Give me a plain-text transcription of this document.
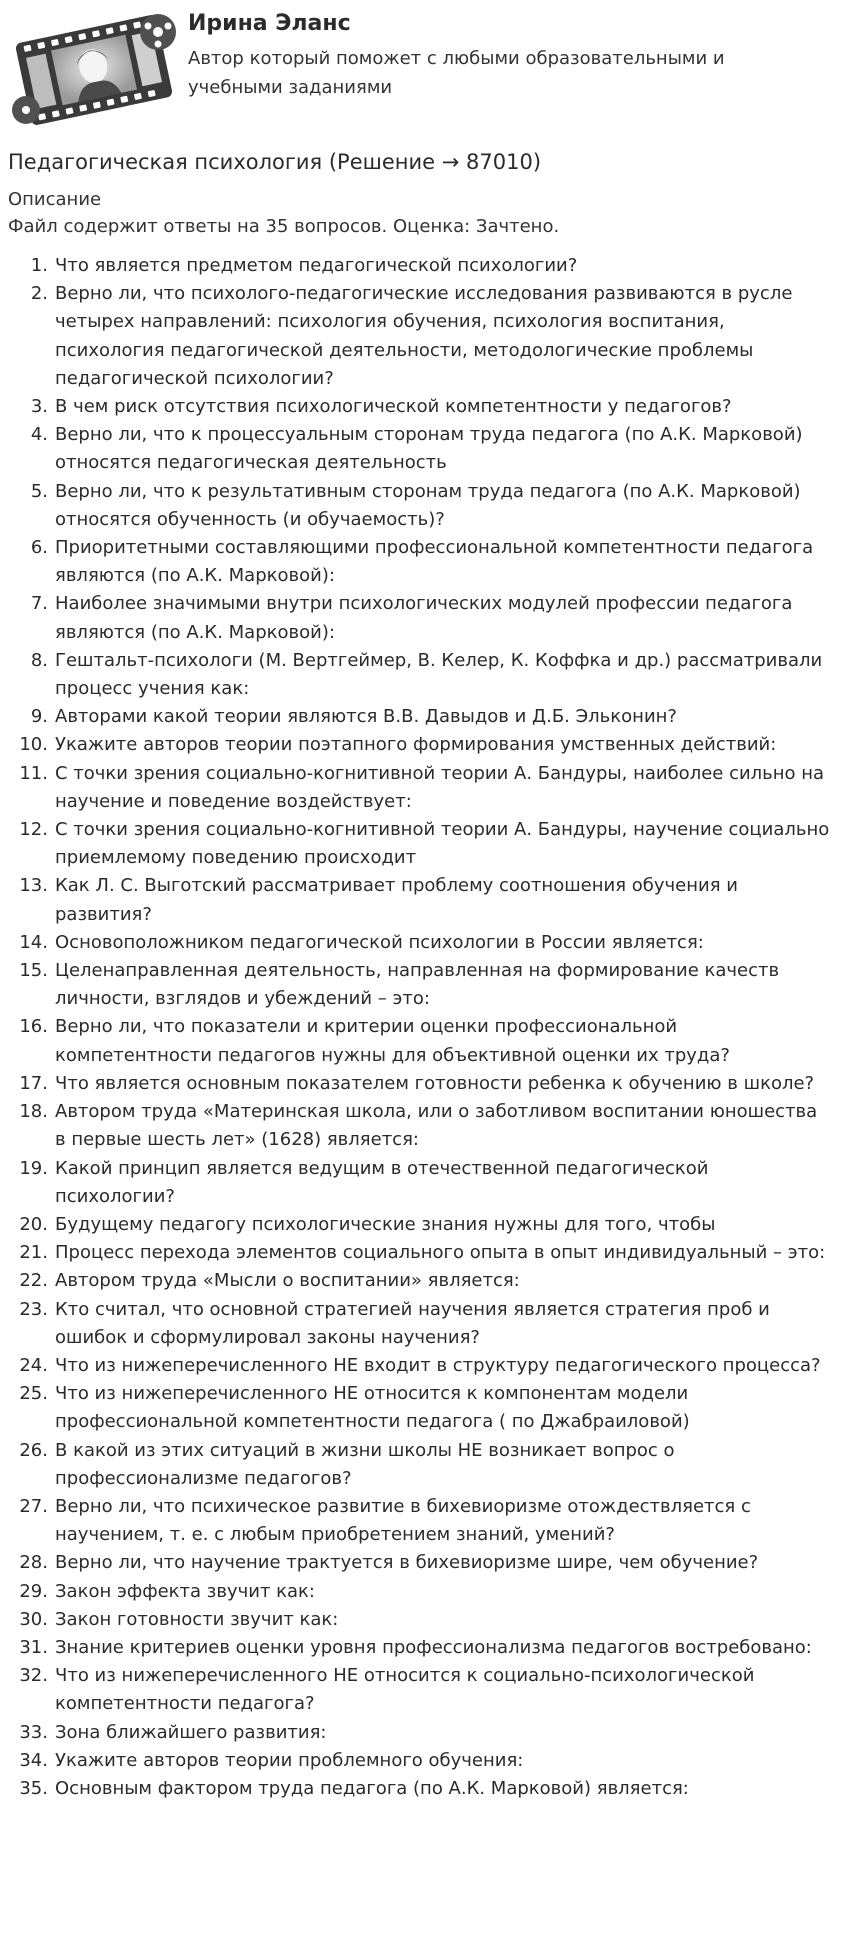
Ирина Эланс
Автор который поможет с любыми образовательными и учебными заданиями
Педагогическая психология (Решение → 87010)
Описание
Файл содержит ответы на 35 вопросов. Оценка: Зачтено.
1. Что является предметом педагогической психологии?
2. Верно ли, что психолого-педагогические исследования развиваются в русле четырех направлений: психология обучения, психология воспитания, психология педагогической деятельности, методологические проблемы педагогической психологии?
3. В чем риск отсутствия психологической компетентности у педагогов?
4. Верно ли, что к процессуальным сторонам труда педагога (по А.К. Марковой) относятся педагогическая деятельность
5. Верно ли, что к результативным сторонам труда педагога (по А.К. Марковой) относятся обученность (и обучаемость)?
6. Приоритетными составляющими профессиональной компетентности педагога являются (по А.К. Марковой):
7. Наиболее значимыми внутри психологических модулей профессии педагога являются (по А.К. Марковой):
8. Гештальт-психологи (М. Вертгеймер, В. Келер, К. Коффка и др.) рассматривали процесс учения как:
9. Авторами какой теории являются В.В. Давыдов и Д.Б. Эльконин?
10. Укажите авторов теории поэтапного формирования умственных действий:
11. С точки зрения социально-когнитивной теории А. Бандуры, наиболее сильно на научение и поведение воздействует:
12. С точки зрения социально-когнитивной теории А. Бандуры, научение социально приемлемому поведению происходит
13. Как Л. С. Выготский рассматривает проблему соотношения обучения и развития?
14. Основоположником педагогической психологии в России является:
15. Целенаправленная деятельность, направленная на формирование качеств личности, взглядов и убеждений – это:
16. Верно ли, что показатели и критерии оценки профессиональной компетентности педагогов нужны для объективной оценки их труда?
17. Что является основным показателем готовности ребенка к обучению в школе?
18. Автором труда «Материнская школа, или о заботливом воспитании юношества в первые шесть лет» (1628) является:
19. Какой принцип является ведущим в отечественной педагогической психологии?
20. Будущему педагогу психологические знания нужны для того, чтобы
21. Процесс перехода элементов социального опыта в опыт индивидуальный – это:
22. Автором труда «Мысли о воспитании» является:
23. Кто считал, что основной стратегией научения является стратегия проб и ошибок и сформулировал законы научения?
24. Что из нижеперечисленного НЕ входит в структуру педагогического процесса?
25. Что из нижеперечисленного НЕ относится к компонентам модели профессиональной компетентности педагога ( по Джабраиловой)
26. В какой из этих ситуаций в жизни школы НЕ возникает вопрос о профессионализме педагогов?
27. Верно ли, что психическое развитие в бихевиоризме отождествляется с научением, т. е. с любым приобретением знаний, умений?
28. Верно ли, что научение трактуется в бихевиоризме шире, чем обучение?
29. Закон эффекта звучит как:
30. Закон готовности звучит как:
31. Знание критериев оценки уровня профессионализма педагогов востребовано:
32. Что из нижеперечисленного НЕ относится к социально-психологической компетентности педагога?
33. Зона ближайшего развития:
34. Укажите авторов теории проблемного обучения:
35. Основным фактором труда педагога (по А.К. Марковой) является:
